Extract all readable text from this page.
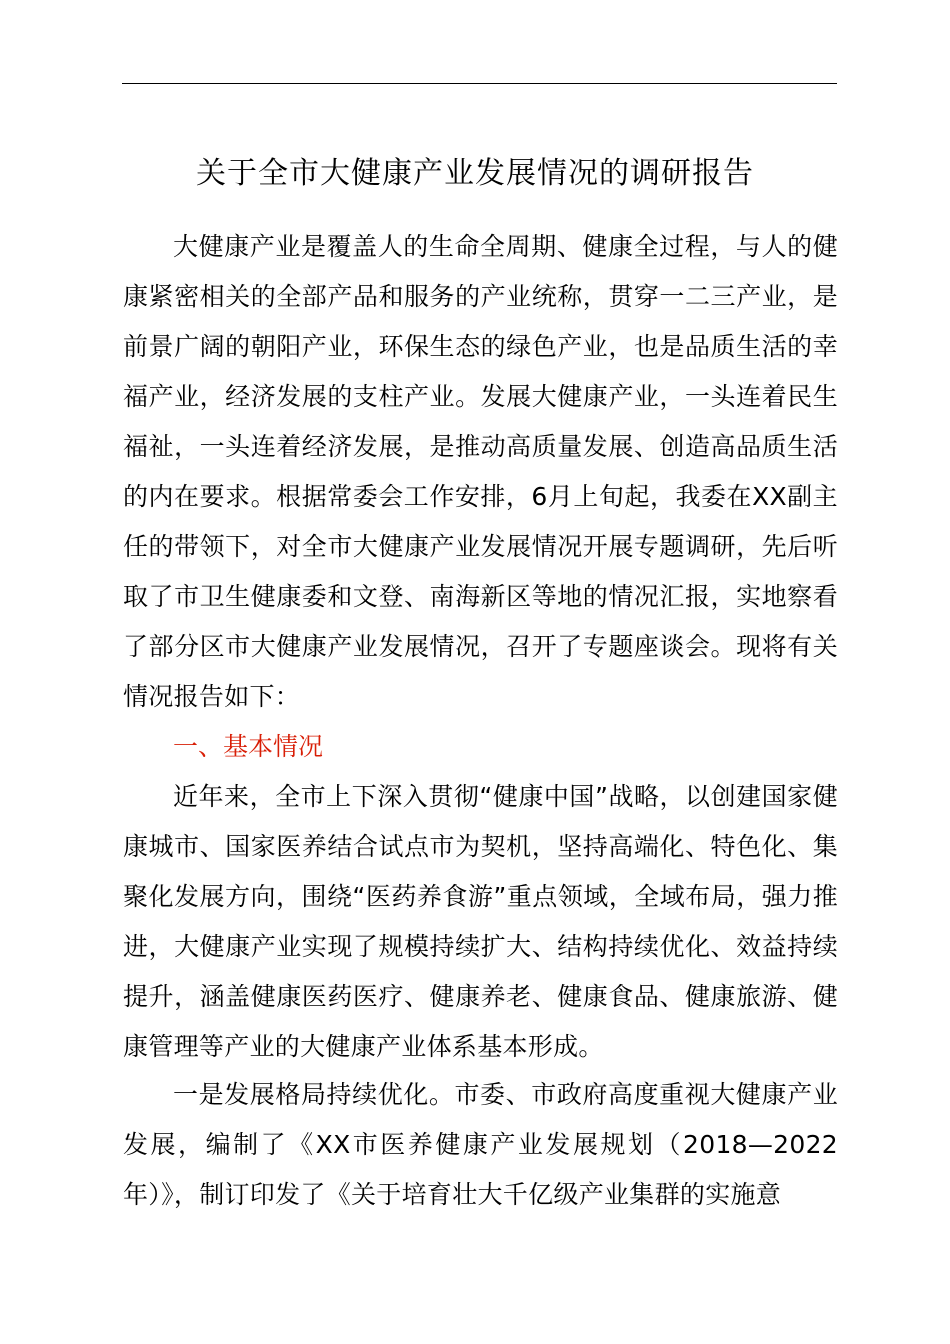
关于全市大健康产业发展情况的调研报告

大健康产业是覆盖人的生命全周期、健康全过程，与人的健康紧密相关的全部产品和服务的产业统称，贯穿一二三产业，是前景广阔的朝阳产业，环保生态的绿色产业，也是品质生活的幸福产业，经济发展的支柱产业。发展大健康产业，一头连着民生福祉，一头连着经济发展，是推动高质量发展、创造高品质生活的内在要求。根据常委会工作安排，6月上旬起，我委在XX副主任的带领下，对全市大健康产业发展情况开展专题调研，先后听取了市卫生健康委和文登、南海新区等地的情况汇报，实地察看了部分区市大健康产业发展情况，召开了专题座谈会。现将有关情况报告如下：

一、基本情况

近年来，全市上下深入贯彻“健康中国”战略，以创建国家健康城市、国家医养结合试点市为契机，坚持高端化、特色化、集聚化发展方向，围绕“医药养食游”重点领域，全域布局，强力推进，大健康产业实现了规模持续扩大、结构持续优化、效益持续提升，涵盖健康医药医疗、健康养老、健康食品、健康旅游、健康管理等产业的大健康产业体系基本形成。

一是发展格局持续优化。市委、市政府高度重视大健康产业发展，编制了《XX市医养健康产业发展规划（2018—2022年）》，制订印发了《关于培育壮大千亿级产业集群的实施意
